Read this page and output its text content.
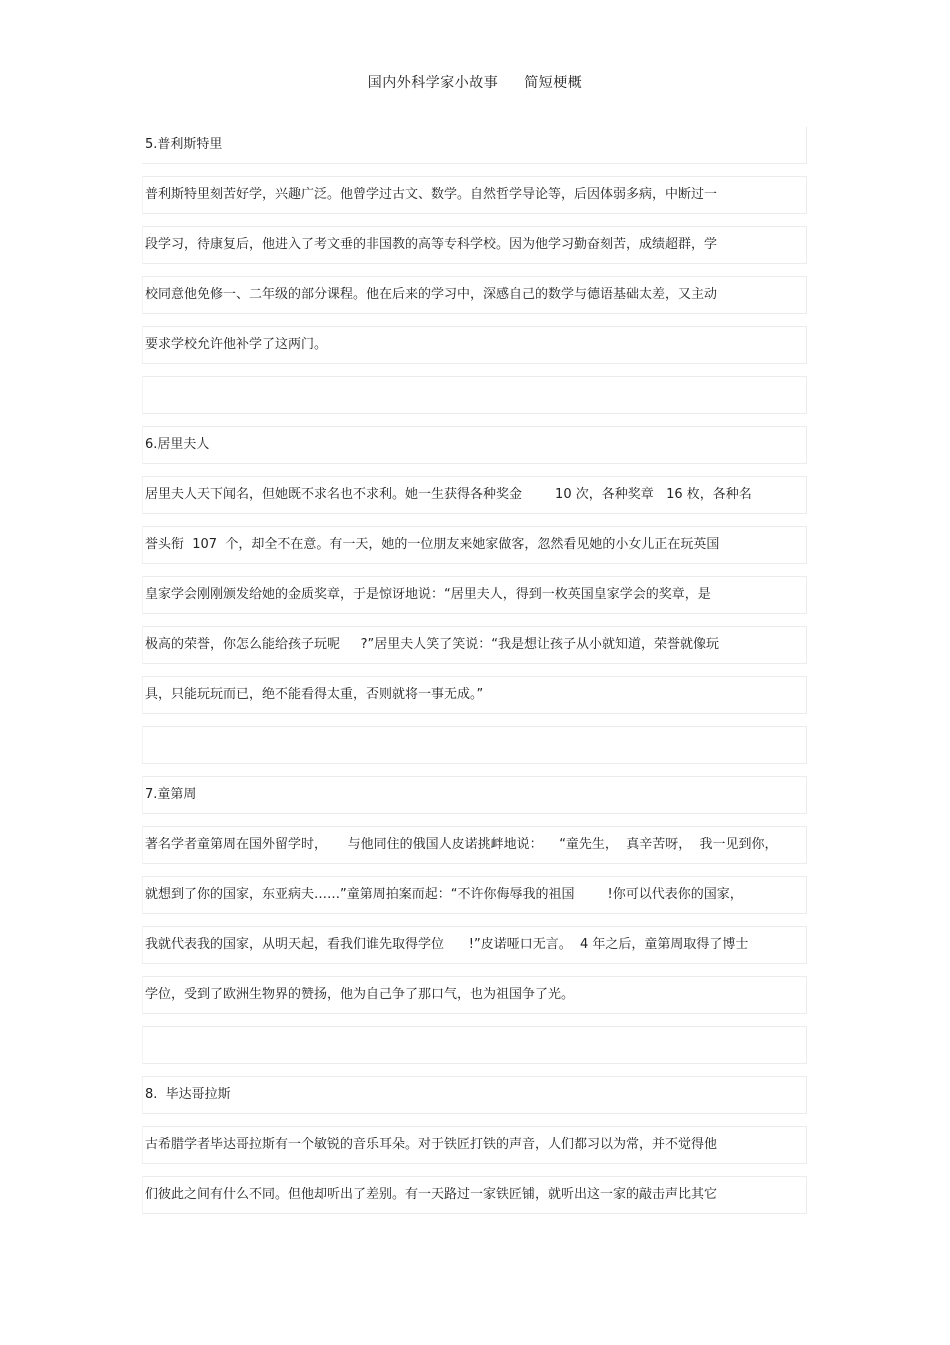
国内外科学家小故事 简短梗概
5.普利斯特里
普利斯特里刻苦好学，兴趣广泛。他曾学过古文、数学。自然哲学导论等，后因体弱多病，中断过一
段学习，待康复后，他进入了考文垂的非国教的高等专科学校。因为他学习勤奋刻苦，成绩超群，学
校同意他免修一、二年级的部分课程。他在后来的学习中，深感自己的数学与德语基础太差，又主动
要求学校允许他补学了这两门。
6.居里夫人
居里夫人天下闻名，但她既不求名也不求利。她一生获得各种奖金        10 次，各种奖章   16 枚，各种名
誉头衔  107  个，却全不在意。有一天，她的一位朋友来她家做客，忽然看见她的小女儿正在玩英国
皇家学会刚刚颁发给她的金质奖章，于是惊讶地说：“居里夫人，得到一枚英国皇家学会的奖章，是
极高的荣誉，你怎么能给孩子玩呢     ?”居里夫人笑了笑说：“我是想让孩子从小就知道，荣誉就像玩
具，只能玩玩而已，绝不能看得太重，否则就将一事无成。”
7.童第周
著名学者童第周在国外留学时，     与他同住的俄国人皮诺挑衅地说：    “童先生，  真辛苦呀，  我一见到你，
就想到了你的国家，东亚病夫……”童第周拍案而起：“不许你侮辱我的祖国        !你可以代表你的国家，
我就代表我的国家，从明天起，看我们谁先取得学位      !”皮诺哑口无言。  4 年之后，童第周取得了博士
学位，受到了欧洲生物界的赞扬，他为自己争了那口气，也为祖国争了光。
8.  毕达哥拉斯
古希腊学者毕达哥拉斯有一个敏锐的音乐耳朵。对于铁匠打铁的声音，人们都习以为常，并不觉得他
们彼此之间有什么不同。但他却听出了差别。有一天路过一家铁匠铺，就听出这一家的敲击声比其它
